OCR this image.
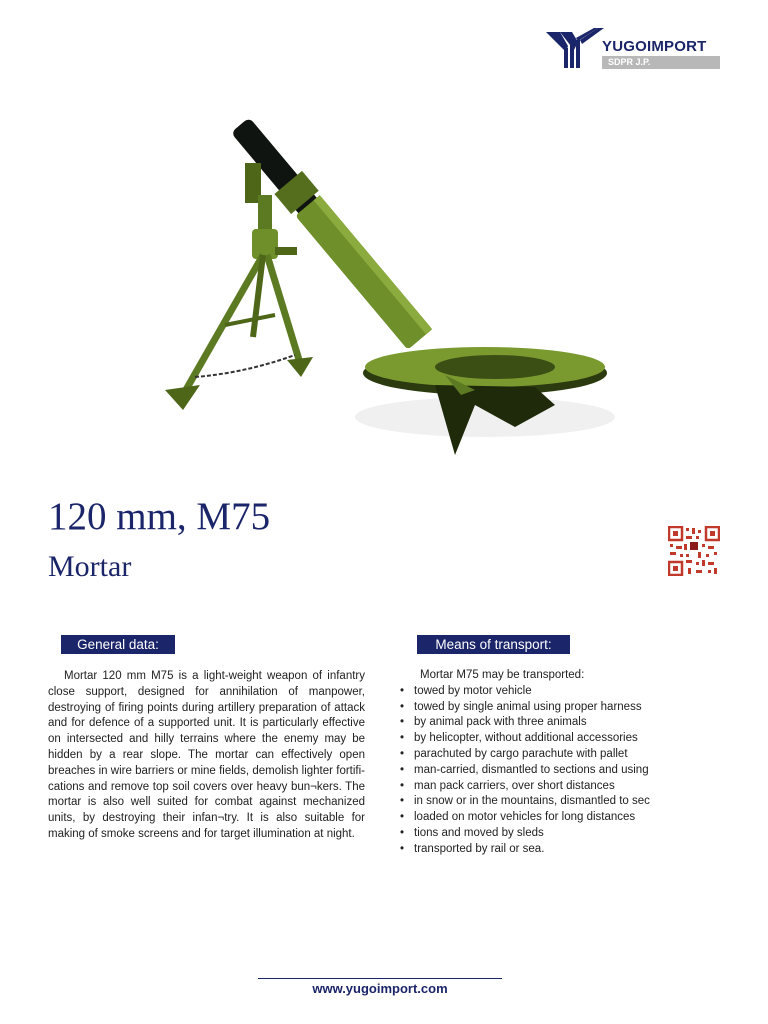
YUGOIMPORT
SDPR J.P.
120 mm, M75
Mortar
General data:

Mortar 120 mm M75 is a light-weight weapon of infantry close support, designed for annihilation of manpower, destroying of firing points during artillery preparation of attack and for defence of a supported unit. It is particularly effective on intersected and hilly terrains where the enemy may be hidden by a rear slope. The mortar can effectively open breaches in wire barriers or mine fields, demolish lighter fortifi-cations and remove top soil covers over heavy bun¬kers. The mortar is also well suited for combat against mechanized units, by destroying their infan¬try. It is also suitable for making of smoke screens and for target illumination at night.

Means of transport:

Mortar M75 may be transported:

• towed by motor vehicle
• towed by single animal using proper harness
• by animal pack with three animals
• by helicopter, without additional accessories
• parachuted by cargo parachute with pallet
• man-carried, dismantled to sections and using
• man pack carriers, over short distances
• in snow or in the mountains, dismantled to sec
• loaded on motor vehicles for long distances
• tions and moved by sleds
• transported by rail or sea.
www.yugoimport.com
